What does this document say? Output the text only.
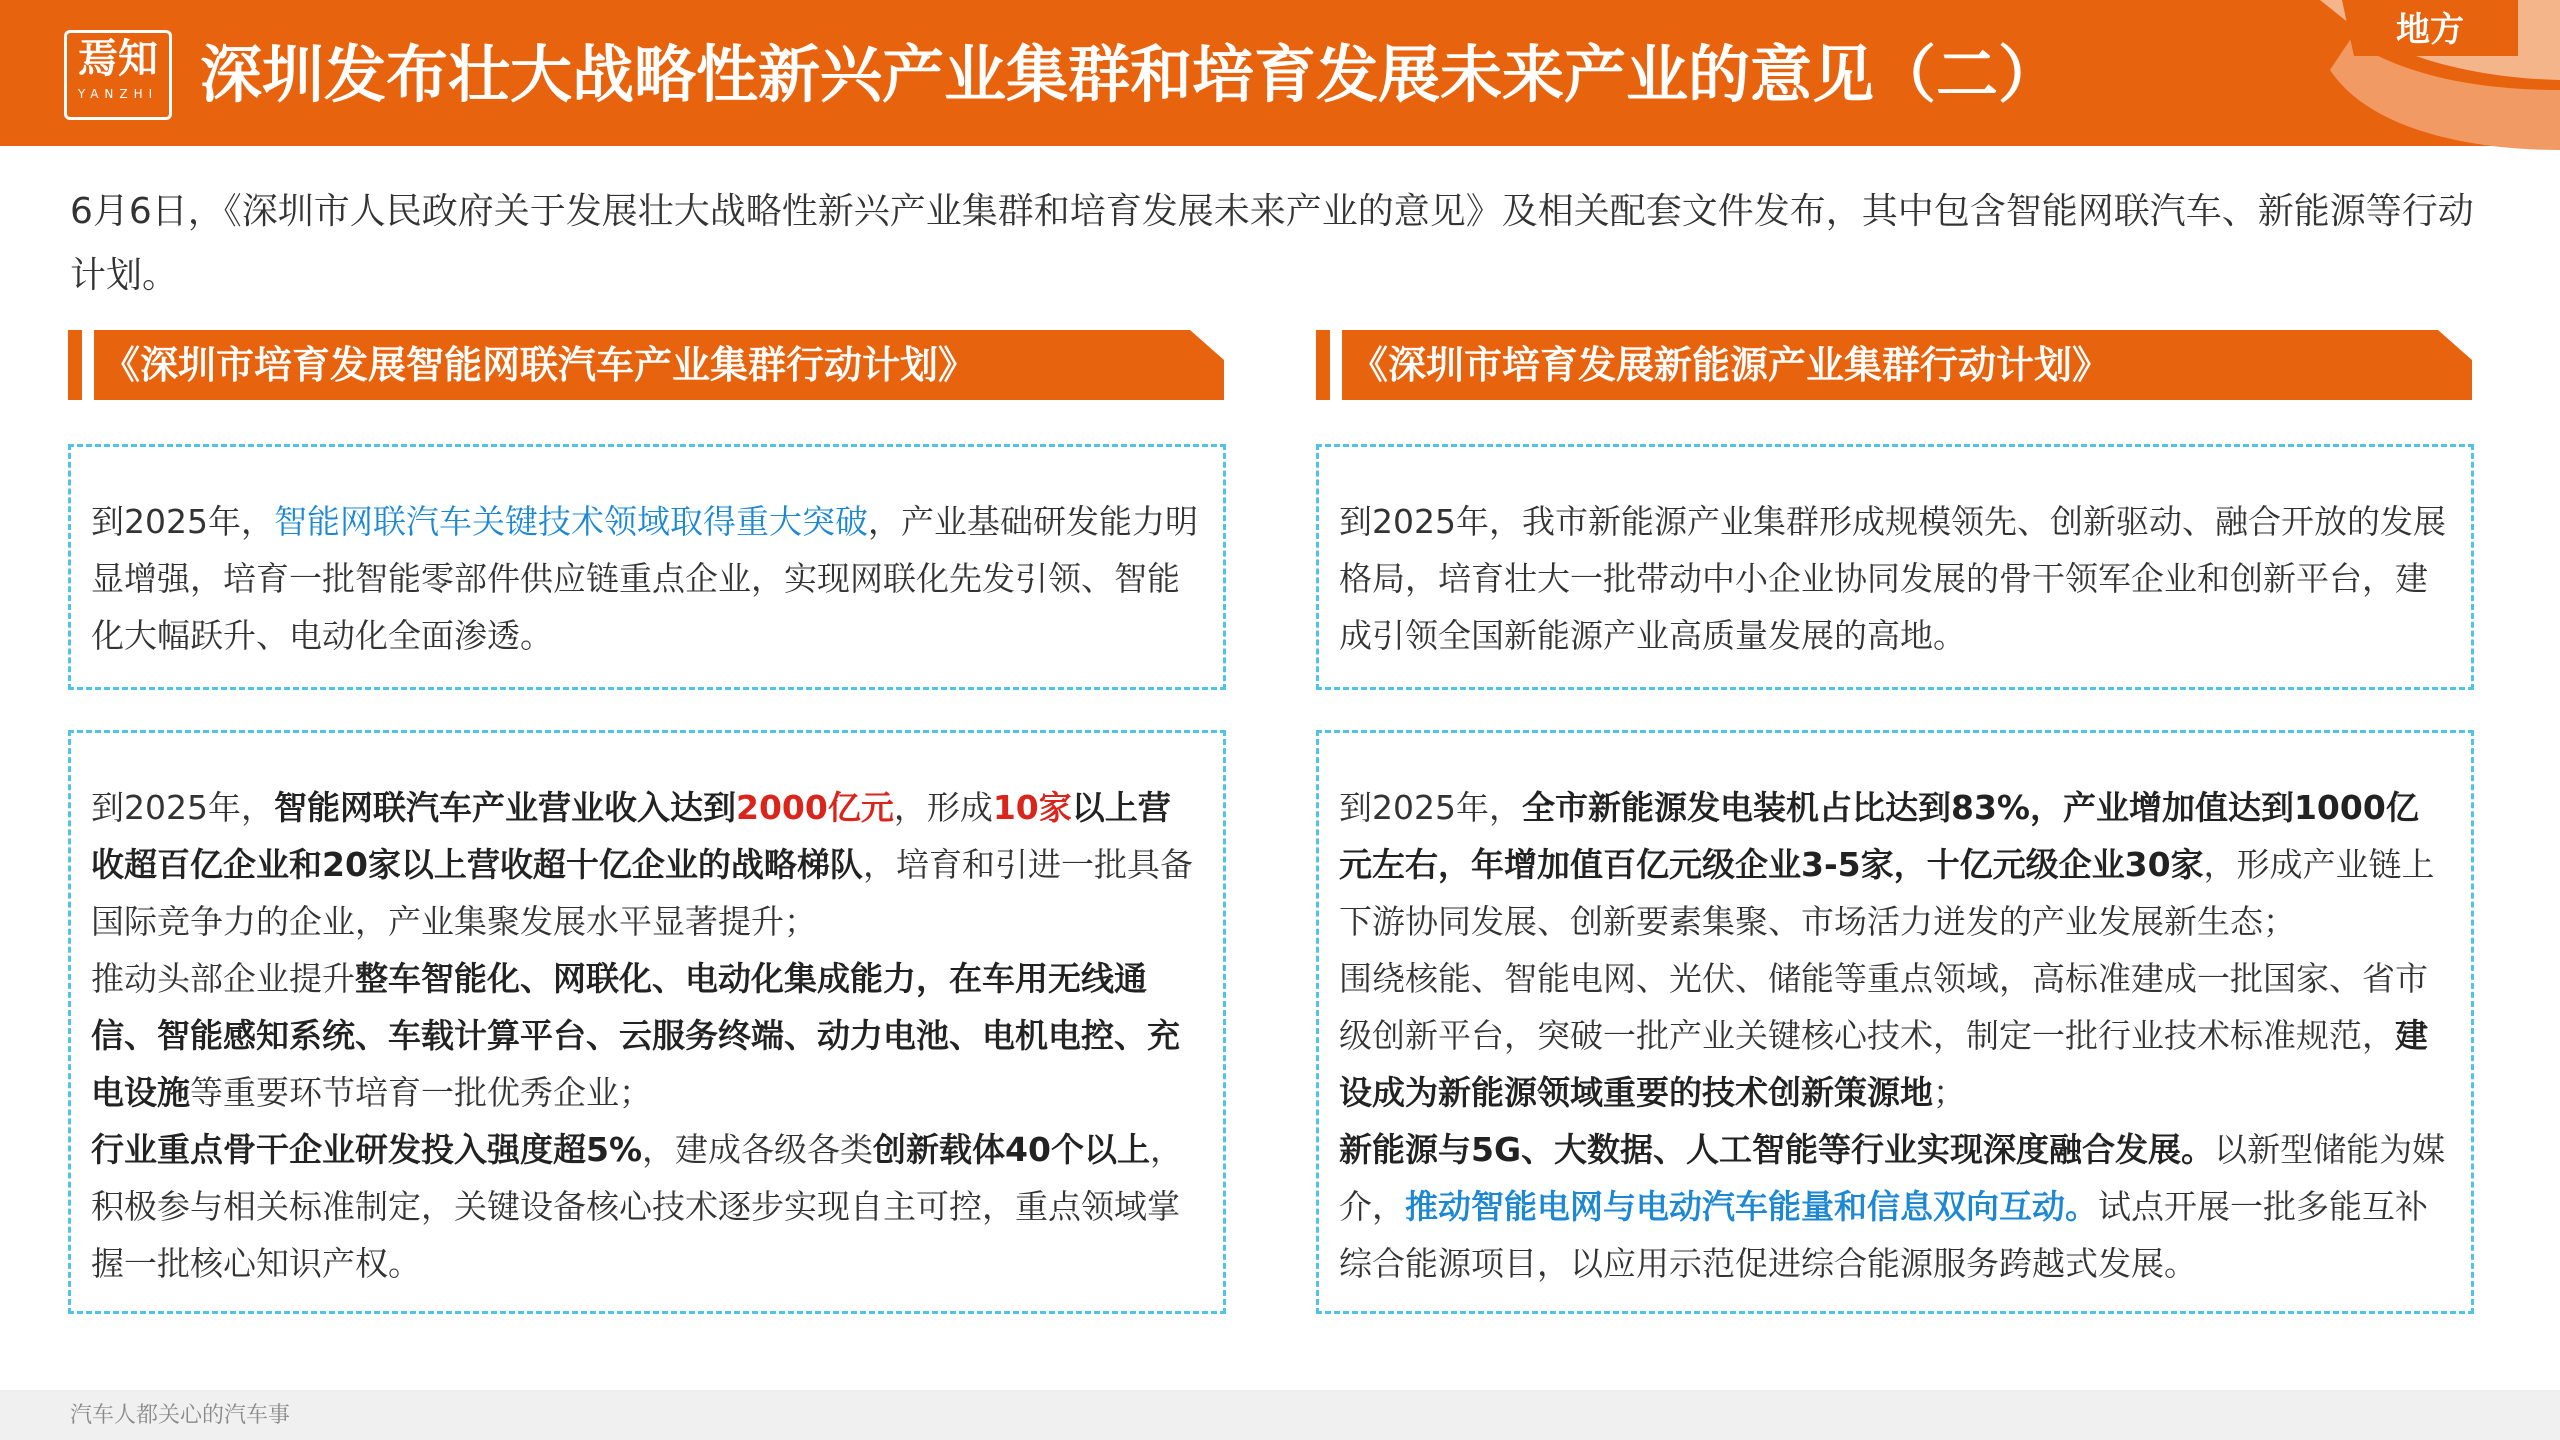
焉知
YANZHI 深圳发布壮大战略性新兴产业集群和培育发展未来产业的意见（二）
地方
6月6日，《深圳市人民政府关于发展壮大战略性新兴产业集群和培育发展未来产业的意见》及相关配套文件发布，其中包含智能网联汽车、新能源等行动计划。
《深圳市培育发展智能网联汽车产业集群行动计划》

到2025年，智能网联汽车关键技术领域取得重大突破，产业基础研发能力明显增强，培育一批智能零部件供应链重点企业，实现网联化先发引领、智能化大幅跃升、电动化全面渗透。

到2025年，智能网联汽车产业营业收入达到2000亿元，形成10家以上营收超百亿企业和20家以上营收超十亿企业的战略梯队，培育和引进一批具备国际竞争力的企业，产业集聚发展水平显著提升；

推动头部企业提升整车智能化、网联化、电动化集成能力，在车用无线通信、智能感知系统、车载计算平台、云服务终端、动力电池、电机电控、充电设施等重要环节培育一批优秀企业；

行业重点骨干企业研发投入强度超5%，建成各级各类创新载体40个以上，积极参与相关标准制定，关键设备核心技术逐步实现自主可控，重点领域掌握一批核心知识产权。

《深圳市培育发展新能源产业集群行动计划》

到2025年，我市新能源产业集群形成规模领先、创新驱动、融合开放的发展格局，培育壮大一批带动中小企业协同发展的骨干领军企业和创新平台，建成引领全国新能源产业高质量发展的高地。

到2025年，全市新能源发电装机占比达到83%，产业增加值达到1000亿元左右，年增加值百亿元级企业3-5家，十亿元级企业30家，形成产业链上下游协同发展、创新要素集聚、市场活力迸发的产业发展新生态；

围绕核能、智能电网、光伏、储能等重点领域，高标准建成一批国家、省市级创新平台，突破一批产业关键核心技术，制定一批行业技术标准规范，建设成为新能源领域重要的技术创新策源地；

新能源与5G、大数据、人工智能等行业实现深度融合发展。以新型储能为媒介，推动智能电网与电动汽车能量和信息双向互动。试点开展一批多能互补综合能源项目，以应用示范促进综合能源服务跨越式发展。

汽车人都关心的汽车事
